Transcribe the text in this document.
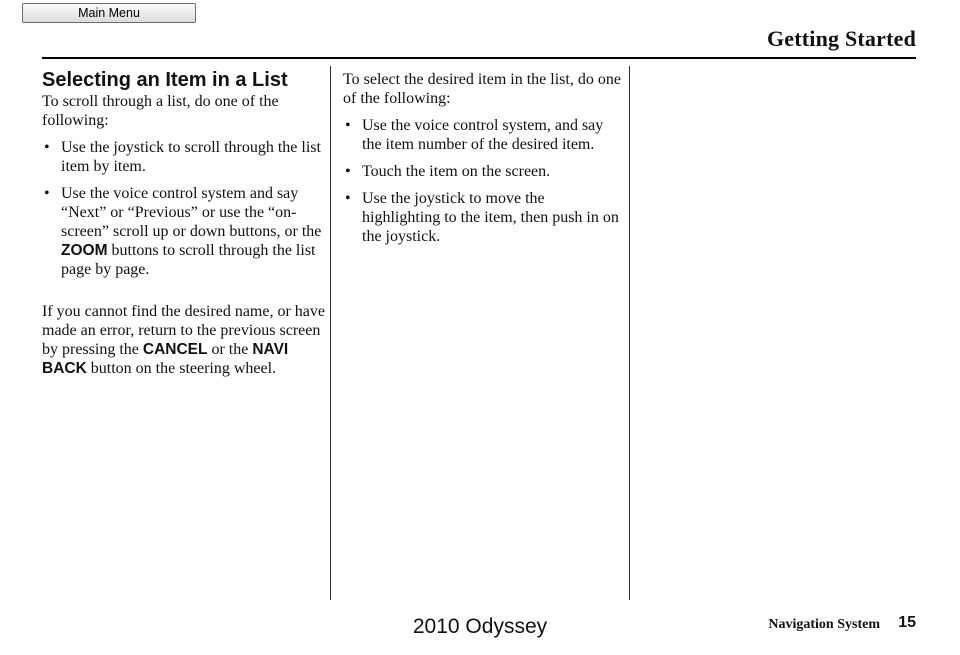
Main Menu
Getting Started
Selecting an Item in a List

To scroll through a list, do one of the following:

• Use the joystick to scroll through the list item by item.
• Use the voice control system and say “Next” or “Previous” or use the “on-screen” scroll up or down buttons, or the ZOOM buttons to scroll through the list page by page.

If you cannot find the desired name, or have made an error, return to the previous screen by pressing the CANCEL or the NAVI BACK button on the steering wheel.

To select the desired item in the list, do one of the following:

• Use the voice control system, and say the item number of the desired item.
• Touch the item on the screen.
• Use the joystick to move the highlighting to the item, then push in on the joystick.
Navigation System 15
2010 Odyssey
